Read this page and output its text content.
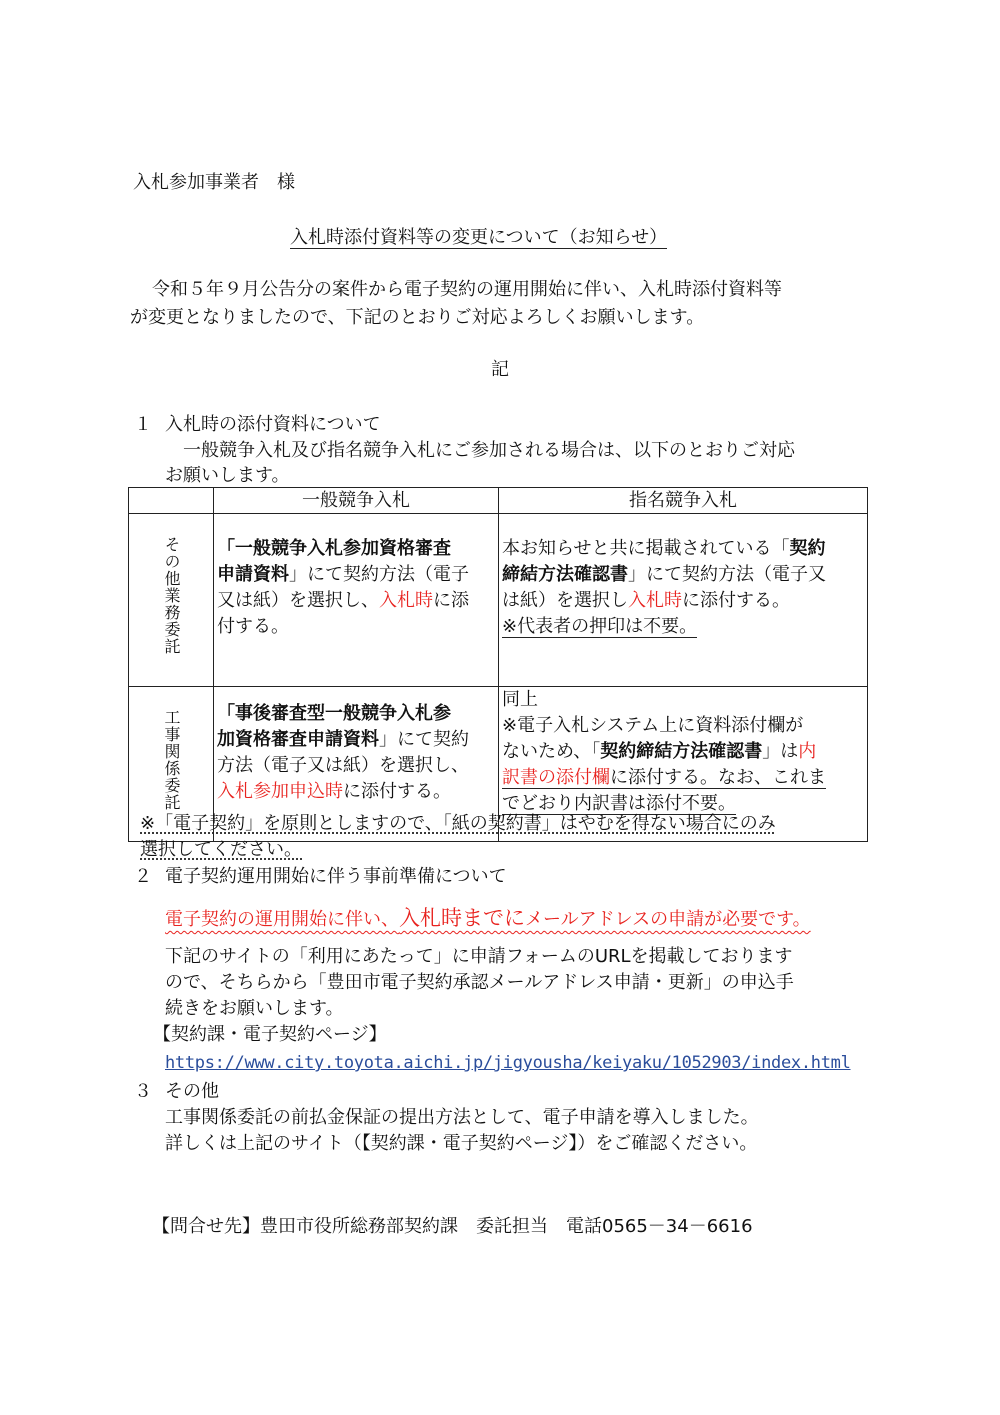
入札参加事業者　様
入札時添付資料等の変更について（お知らせ）
令和５年９月公告分の案件から電子契約の運用開始に伴い、入札時添付資料等
が変更となりましたので、下記のとおりご対応よろしくお願いします。
記
１ 入札時の添付資料について
一般競争入札及び指名競争入札にご参加される場合は、以下のとおりご対応
お願いします。
	一般競争入札	指名競争入札
その他業務委託	「一般競争入札参加資格審査
申請資料」にて契約方法（電子
又は紙）を選択し、入札時に添
付する。	本お知らせと共に掲載されている「契約
締結方法確認書」にて契約方法（電子又
は紙）を選択し入札時に添付する。
※代表者の押印は不要。
工事関係委託	「事後審査型一般競争入札参
加資格審査申請資料」にて契約
方法（電子又は紙）を選択し、
入札参加申込時に添付する。	同上
※電子入札システム上に資料添付欄が
ないため、「契約締結方法確認書」は内
訳書の添付欄に添付する。なお、これま
でどおり内訳書は添付不要。
※「電子契約」を原則としますので、「紙の契約書」はやむを得ない場合にのみ
選択してください。
２ 電子契約運用開始に伴う事前準備について
電子契約の運用開始に伴い、入札時までにメールアドレスの申請が必要です。
下記のサイトの「利用にあたって」に申請フォームのURLを掲載しております
ので、そちらから「豊田市電子契約承認メールアドレス申請・更新」の申込手
続きをお願いします。
【契約課・電子契約ページ】
https://www.city.toyota.aichi.jp/jigyousha/keiyaku/1052903/index.html
３ その他
工事関係委託の前払金保証の提出方法として、電子申請を導入しました。
詳しくは上記のサイト（【契約課・電子契約ページ】）をご確認ください。
【問合せ先】豊田市役所総務部契約課　委託担当　電話0565－34－6616
